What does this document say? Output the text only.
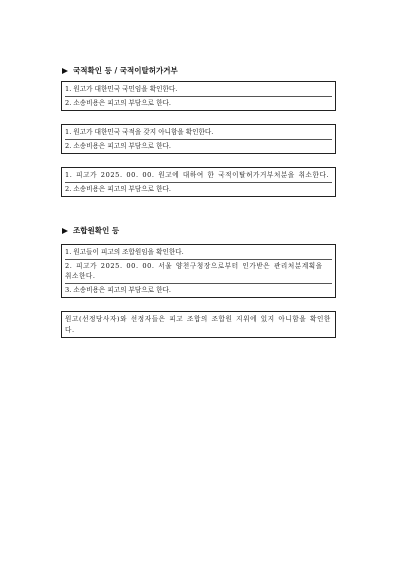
국적확인 등 / 국적이탈허가거부
1. 원고가 대한민국 국민임을 확인한다.
2. 소송비용은 피고의 부담으로 한다.
1. 원고가 대한민국 국적을 갖지 아니함을 확인한다.
2. 소송비용은 피고의 부담으로 한다.
1. 피고가 2025. 00. 00. 원고에 대하여 한 국적이탈허가거부처분을 취소한다.
2. 소송비용은 피고의 부담으로 한다.
조합원확인 등
1. 원고들이 피고의 조합원임을 확인한다.
2. 피고가 2025. 00. 00. 서울 양천구청장으로부터 인가받은 관리처분계획을 취소한다.
3. 소송비용은 피고의 부담으로 한다.
원고(선정당사자)와 선정자들은 피고 조합의 조합원 지위에 있지 아니함을 확인한다.
